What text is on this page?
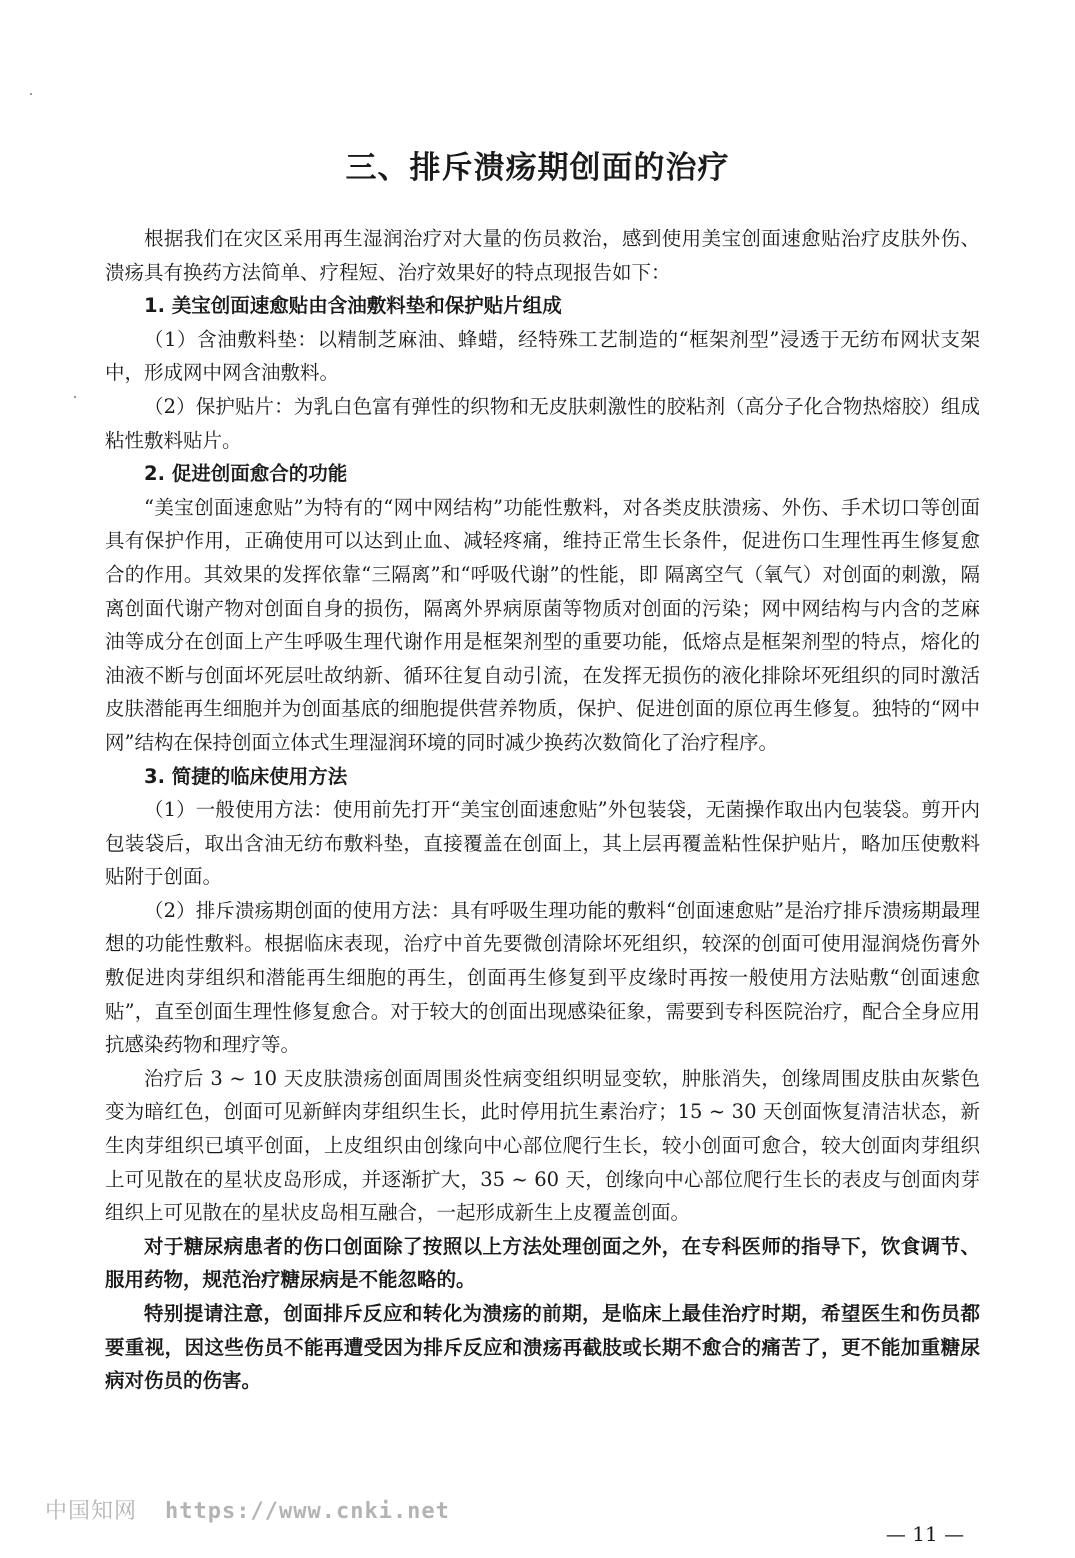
三、排斥溃疡期创面的治疗

根据我们在灾区采用再生湿润治疗对大量的伤员救治，感到使用美宝创面速愈贴治疗皮肤外伤、溃疡具有换药方法简单、疗程短、治疗效果好的特点现报告如下：

1. 美宝创面速愈贴由含油敷料垫和保护贴片组成

（1）含油敷料垫：以精制芝麻油、蜂蜡，经特殊工艺制造的“框架剂型”浸透于无纺布网状支架中，形成网中网含油敷料。

（2）保护贴片：为乳白色富有弹性的织物和无皮肤刺激性的胶粘剂（高分子化合物热熔胶）组成粘性敷料贴片。

2. 促进创面愈合的功能

“美宝创面速愈贴”为特有的“网中网结构”功能性敷料，对各类皮肤溃疡、外伤、手术切口等创面具有保护作用，正确使用可以达到止血、减轻疼痛，维持正常生长条件，促进伤口生理性再生修复愈合的作用。其效果的发挥依靠“三隔离”和“呼吸代谢”的性能，即 隔离空气（氧气）对创面的刺激，隔离创面代谢产物对创面自身的损伤，隔离外界病原菌等物质对创面的污染；网中网结构与内含的芝麻油等成分在创面上产生呼吸生理代谢作用是框架剂型的重要功能，低熔点是框架剂型的特点，熔化的油液不断与创面坏死层吐故纳新、循环往复自动引流，在发挥无损伤的液化排除坏死组织的同时激活皮肤潜能再生细胞并为创面基底的细胞提供营养物质，保护、促进创面的原位再生修复。独特的“网中网”结构在保持创面立体式生理湿润环境的同时减少换药次数简化了治疗程序。

3. 简捷的临床使用方法

（1）一般使用方法：使用前先打开“美宝创面速愈贴”外包装袋，无菌操作取出内包装袋。剪开内包装袋后，取出含油无纺布敷料垫，直接覆盖在创面上，其上层再覆盖粘性保护贴片，略加压使敷料贴附于创面。

（2）排斥溃疡期创面的使用方法：具有呼吸生理功能的敷料“创面速愈贴”是治疗排斥溃疡期最理想的功能性敷料。根据临床表现，治疗中首先要微创清除坏死组织，较深的创面可使用湿润烧伤膏外敷促进肉芽组织和潜能再生细胞的再生，创面再生修复到平皮缘时再按一般使用方法贴敷“创面速愈贴”，直至创面生理性修复愈合。对于较大的创面出现感染征象，需要到专科医院治疗，配合全身应用抗感染药物和理疗等。

治疗后 3 ~ 10 天皮肤溃疡创面周围炎性病变组织明显变软，肿胀消失，创缘周围皮肤由灰紫色变为暗红色，创面可见新鲜肉芽组织生长，此时停用抗生素治疗；15 ~ 30 天创面恢复清洁状态，新生肉芽组织已填平创面，上皮组织由创缘向中心部位爬行生长，较小创面可愈合，较大创面肉芽组织上可见散在的星状皮岛形成，并逐渐扩大，35 ~ 60 天，创缘向中心部位爬行生长的表皮与创面肉芽组织上可见散在的星状皮岛相互融合，一起形成新生上皮覆盖创面。

对于糖尿病患者的伤口创面除了按照以上方法处理创面之外，在专科医师的指导下，饮食调节、服用药物，规范治疗糖尿病是不能忽略的。

特别提请注意，创面排斥反应和转化为溃疡的前期，是临床上最佳治疗时期，希望医生和伤员都要重视，因这些伤员不能再遭受因为排斥反应和溃疡再截肢或长期不愈合的痛苦了，更不能加重糖尿病对伤员的伤害。

— 11 —
中国知网 https://www.cnki.net
